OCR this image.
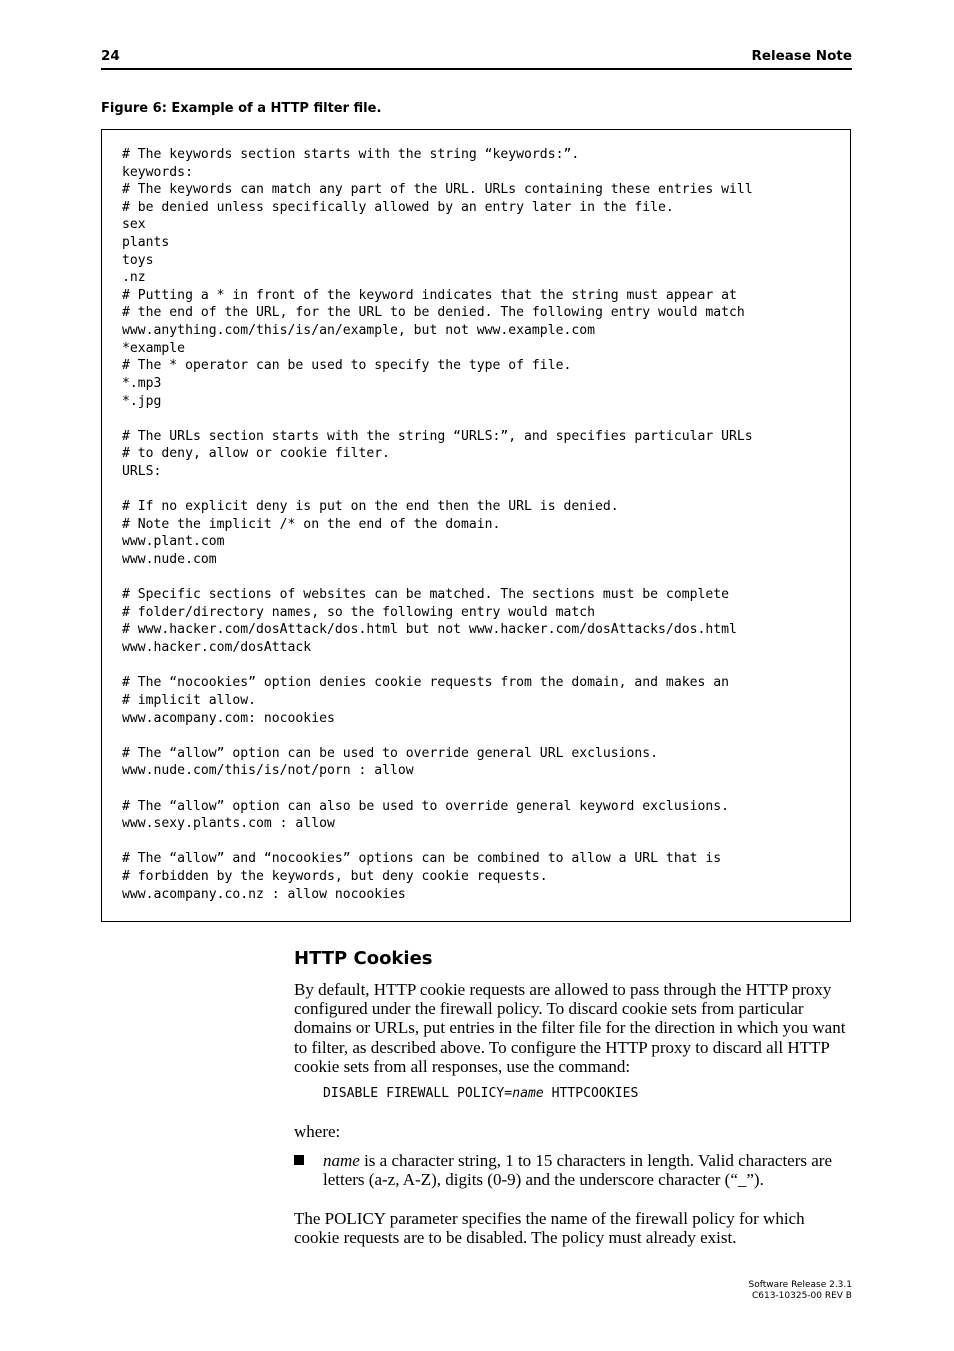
24	Release Note
Figure 6: Example of a HTTP filter file.
# The keywords section starts with the string “keywords:”.
keywords:
# The keywords can match any part of the URL. URLs containing these entries will
# be denied unless specifically allowed by an entry later in the file.
sex
plants
toys
.nz
# Putting a * in front of the keyword indicates that the string must appear at
# the end of the URL, for the URL to be denied. The following entry would match
www.anything.com/this/is/an/example, but not www.example.com
*example
# The * operator can be used to specify the type of file.
*.mp3
*.jpg
# The URLs section starts with the string “URLS:”, and specifies particular URLs
# to deny, allow or cookie filter.
URLS:
# If no explicit deny is put on the end then the URL is denied.
# Note the implicit /* on the end of the domain.
www.plant.com
www.nude.com
# Specific sections of websites can be matched. The sections must be complete
# folder/directory names, so the following entry would match
# www.hacker.com/dosAttack/dos.html but not www.hacker.com/dosAttacks/dos.html
www.hacker.com/dosAttack
# The “nocookies” option denies cookie requests from the domain, and makes an
# implicit allow.
www.acompany.com: nocookies
# The “allow” option can be used to override general URL exclusions.
www.nude.com/this/is/not/porn : allow
# The “allow” option can also be used to override general keyword exclusions.
www.sexy.plants.com : allow
# The “allow” and “nocookies” options can be combined to allow a URL that is
# forbidden by the keywords, but deny cookie requests.
www.acompany.co.nz : allow nocookies
HTTP Cookies
By default, HTTP cookie requests are allowed to pass through the HTTP proxy configured under the firewall policy. To discard cookie sets from particular domains or URLs, put entries in the filter file for the direction in which you want to filter, as described above. To configure the HTTP proxy to discard all HTTP cookie sets from all responses, use the command:
DISABLE FIREWALL POLICY=name HTTPCOOKIES
where:
name is a character string, 1 to 15 characters in length. Valid characters are letters (a-z, A-Z), digits (0-9) and the underscore character (“_”).
The POLICY parameter specifies the name of the firewall policy for which cookie requests are to be disabled. The policy must already exist.
Software Release 2.3.1
C613-10325-00 REV B
